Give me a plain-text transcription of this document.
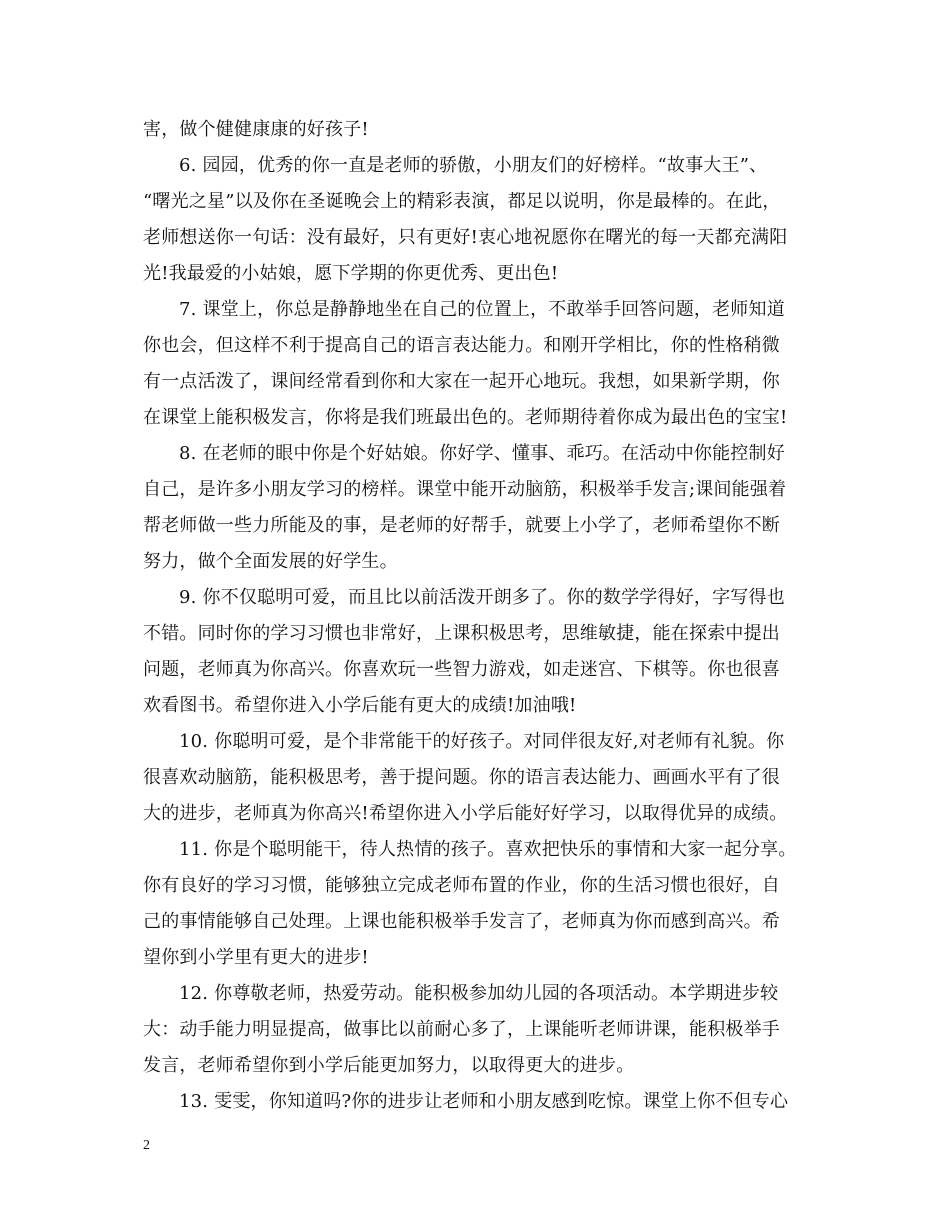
害，做个健健康康的好孩子!

6. 园园，优秀的你一直是老师的骄傲，小朋友们的好榜样。“故事大王”、

“曙光之星”以及你在圣诞晚会上的精彩表演，都足以说明，你是最棒的。在此，

老师想送你一句话：没有最好，只有更好!衷心地祝愿你在曙光的每一天都充满阳

光!我最爱的小姑娘，愿下学期的你更优秀、更出色!

7. 课堂上，你总是静静地坐在自己的位置上，不敢举手回答问题，老师知道

你也会，但这样不利于提高自己的语言表达能力。和刚开学相比，你的性格稍微

有一点活泼了，课间经常看到你和大家在一起开心地玩。我想，如果新学期，你

在课堂上能积极发言，你将是我们班最出色的。老师期待着你成为最出色的宝宝!

8. 在老师的眼中你是个好姑娘。你好学、懂事、乖巧。在活动中你能控制好

自己，是许多小朋友学习的榜样。课堂中能开动脑筋，积极举手发言;课间能强着

帮老师做一些力所能及的事，是老师的好帮手，就要上小学了，老师希望你不断

努力，做个全面发展的好学生。

9. 你不仅聪明可爱，而且比以前活泼开朗多了。你的数学学得好，字写得也

不错。同时你的学习习惯也非常好，上课积极思考，思维敏捷，能在探索中提出

问题，老师真为你高兴。你喜欢玩一些智力游戏，如走迷宫、下棋等。你也很喜

欢看图书。希望你进入小学后能有更大的成绩!加油哦!

10. 你聪明可爱，是个非常能干的好孩子。对同伴很友好,对老师有礼貌。你

很喜欢动脑筋，能积极思考，善于提问题。你的语言表达能力、画画水平有了很

大的进步，老师真为你高兴!希望你进入小学后能好好学习，以取得优异的成绩。

11. 你是个聪明能干，待人热情的孩子。喜欢把快乐的事情和大家一起分享。

你有良好的学习习惯，能够独立完成老师布置的作业，你的生活习惯也很好，自

己的事情能够自己处理。上课也能积极举手发言了，老师真为你而感到高兴。希

望你到小学里有更大的进步!

12. 你尊敬老师，热爱劳动。能积极参加幼儿园的各项活动。本学期进步较

大：动手能力明显提高，做事比以前耐心多了，上课能听老师讲课，能积极举手

发言，老师希望你到小学后能更加努力，以取得更大的进步。

13. 雯雯，你知道吗?你的进步让老师和小朋友感到吃惊。课堂上你不但专心

2
